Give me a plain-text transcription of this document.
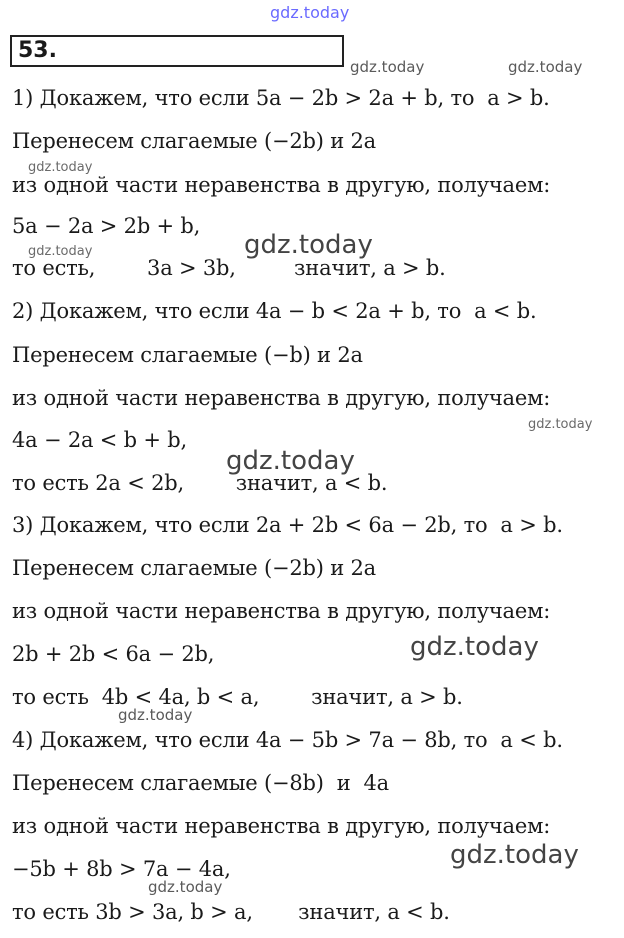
gdz.today
53.
gdz.today	gdz.today
1) Докажем, что если 5a − 2b > 2a + b, то  a > b.
Перенесем слагаемые (−2b) и 2a
gdz.today
из одной части неравенства в другую, получаем:
5a − 2a > 2b + b,
gdz.today	gdz.today
то есть,        3a > 3b,         значит, a > b.
2) Докажем, что если 4a − b < 2a + b, то  a < b.
Перенесем слагаемые (−b) и 2a
из одной части неравенства в другую, получаем:
gdz.today
4a − 2a < b + b,
gdz.today
то есть 2a < 2b,        значит, a < b.
3) Докажем, что если 2a + 2b < 6a − 2b, то  a > b.
Перенесем слагаемые (−2b) и 2a
из одной части неравенства в другую, получаем:
gdz.today
2b + 2b < 6a − 2b,
то есть  4b < 4a, b < a,        значит, a > b.
gdz.today
4) Докажем, что если 4a − 5b > 7a − 8b, то  a < b.
Перенесем слагаемые (−8b)  и  4a
из одной части неравенства в другую, получаем:
gdz.today
−5b + 8b > 7a − 4a,
gdz.today
то есть 3b > 3a, b > a,       значит, a < b.
